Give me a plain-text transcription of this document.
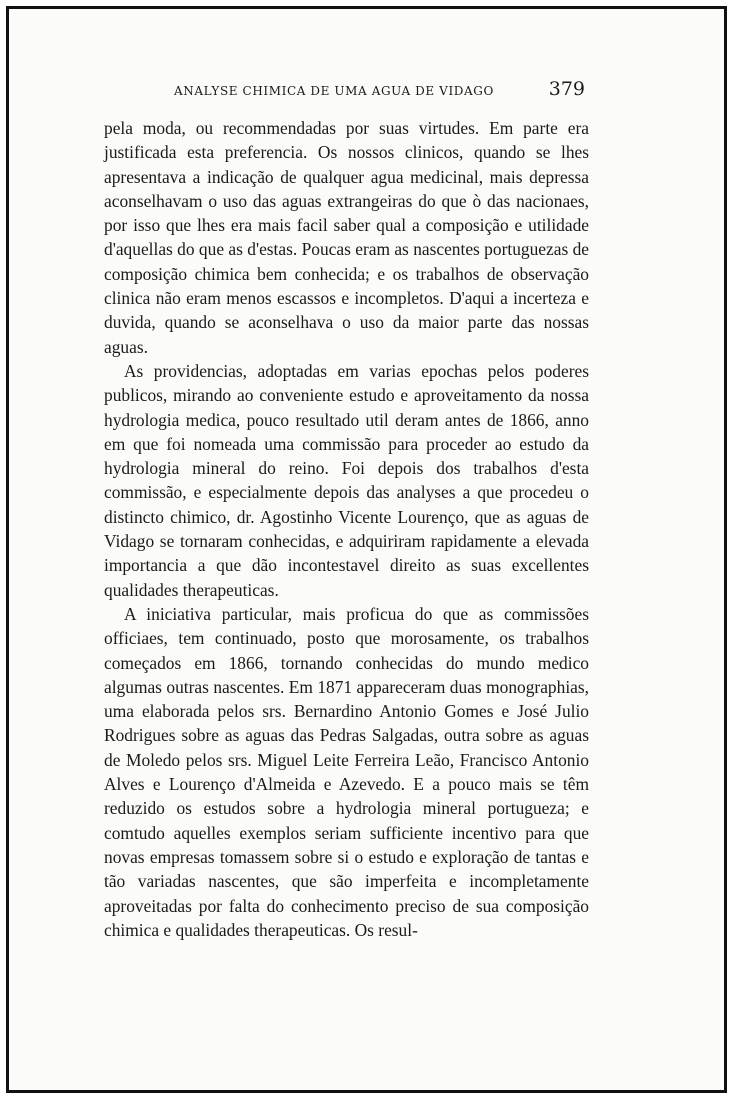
ANALYSE CHIMICA DE UMA AGUA DE VIDAGO	379

pela moda, ou recommendadas por suas virtudes. Em parte era justificada esta preferencia. Os nossos clinicos, quando se lhes apresentava a indicação de qualquer agua medicinal, mais depressa aconselhavam o uso das aguas extrangeiras do que ò das nacionaes, por isso que lhes era mais facil saber qual a composição e utilidade d'aquellas do que as d'estas. Poucas eram as nascentes portuguezas de composição chimica bem conhecida; e os trabalhos de observação clinica não eram menos escassos e incompletos. D'aqui a incerteza e duvida, quando se aconselhava o uso da maior parte das nossas aguas.

As providencias, adoptadas em varias epochas pelos poderes publicos, mirando ao conveniente estudo e aproveitamento da nossa hydrologia medica, pouco resultado util deram antes de 1866, anno em que foi nomeada uma commissão para proceder ao estudo da hydrologia mineral do reino. Foi depois dos trabalhos d'esta commissão, e especialmente depois das analyses a que procedeu o distincto chimico, dr. Agostinho Vicente Lourenço, que as aguas de Vidago se tornaram conhecidas, e adquiriram rapidamente a elevada importancia a que dão incontestavel direito as suas excellentes qualidades therapeuticas.

A iniciativa particular, mais proficua do que as commissões officiaes, tem continuado, posto que morosamente, os trabalhos começados em 1866, tornando conhecidas do mundo medico algumas outras nascentes. Em 1871 appareceram duas monographias, uma elaborada pelos srs. Bernardino Antonio Gomes e José Julio Rodrigues sobre as aguas das Pedras Salgadas, outra sobre as aguas de Moledo pelos srs. Miguel Leite Ferreira Leão, Francisco Antonio Alves e Lourenço d'Almeida e Azevedo. E a pouco mais se têm reduzido os estudos sobre a hydrologia mineral portugueza; e comtudo aquelles exemplos seriam sufficiente incentivo para que novas empresas tomassem sobre si o estudo e exploração de tantas e tão variadas nascentes, que são imperfeita e incompletamente aproveitadas por falta do conhecimento preciso de sua composição chimica e qualidades therapeuticas. Os resul-
